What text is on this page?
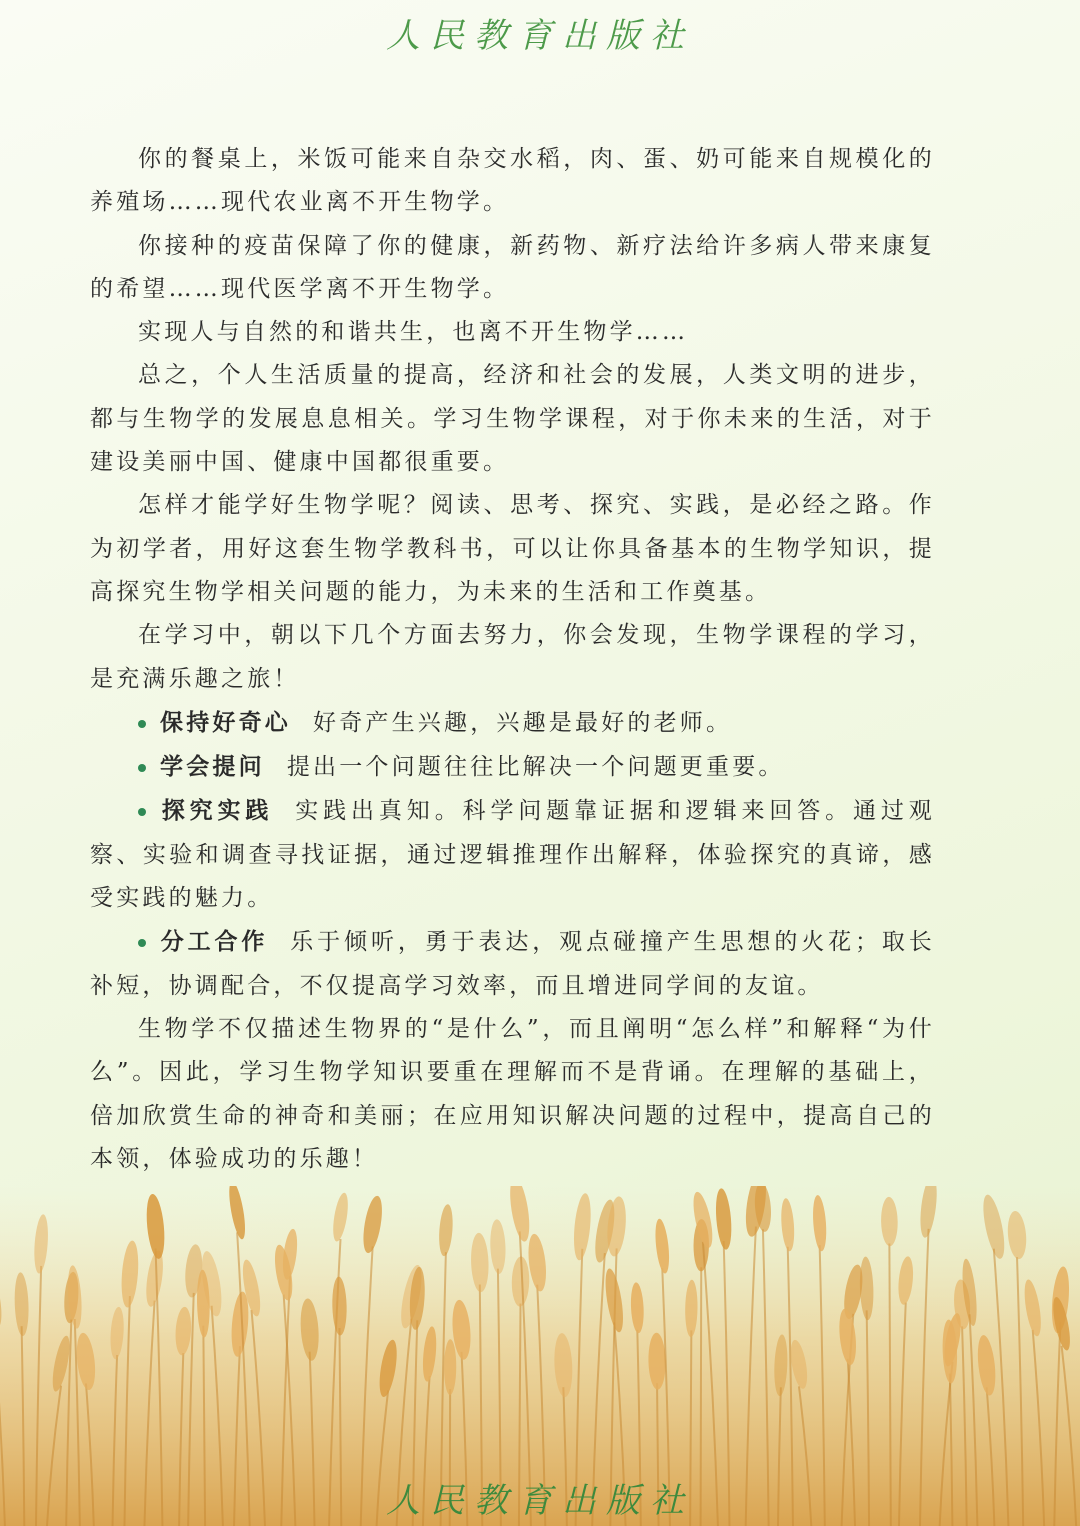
人民教育出版社

你的餐桌上，米饭可能来自杂交水稻，肉、蛋、奶可能来自规模化的养殖场……现代农业离不开生物学。

你接种的疫苗保障了你的健康，新药物、新疗法给许多病人带来康复的希望……现代医学离不开生物学。

实现人与自然的和谐共生，也离不开生物学……

总之，个人生活质量的提高，经济和社会的发展，人类文明的进步，都与生物学的发展息息相关。学习生物学课程，对于你未来的生活，对于建设美丽中国、健康中国都很重要。

怎样才能学好生物学呢？阅读、思考、探究、实践，是必经之路。作为初学者，用好这套生物学教科书，可以让你具备基本的生物学知识，提高探究生物学相关问题的能力，为未来的生活和工作奠基。

在学习中，朝以下几个方面去努力，你会发现，生物学课程的学习，是充满乐趣之旅！

保持好奇心 好奇产生兴趣，兴趣是最好的老师。

学会提问 提出一个问题往往比解决一个问题更重要。

探究实践 实践出真知。科学问题靠证据和逻辑来回答。通过观察、实验和调查寻找证据，通过逻辑推理作出解释，体验探究的真谛，感受实践的魅力。

分工合作 乐于倾听，勇于表达，观点碰撞产生思想的火花；取长补短，协调配合，不仅提高学习效率，而且增进同学间的友谊。

生物学不仅描述生物界的“是什么”，而且阐明“怎么样”和解释“为什么”。因此，学习生物学知识要重在理解而不是背诵。在理解的基础上，倍加欣赏生命的神奇和美丽；在应用知识解决问题的过程中，提高自己的本领，体验成功的乐趣！

人民教育出版社
